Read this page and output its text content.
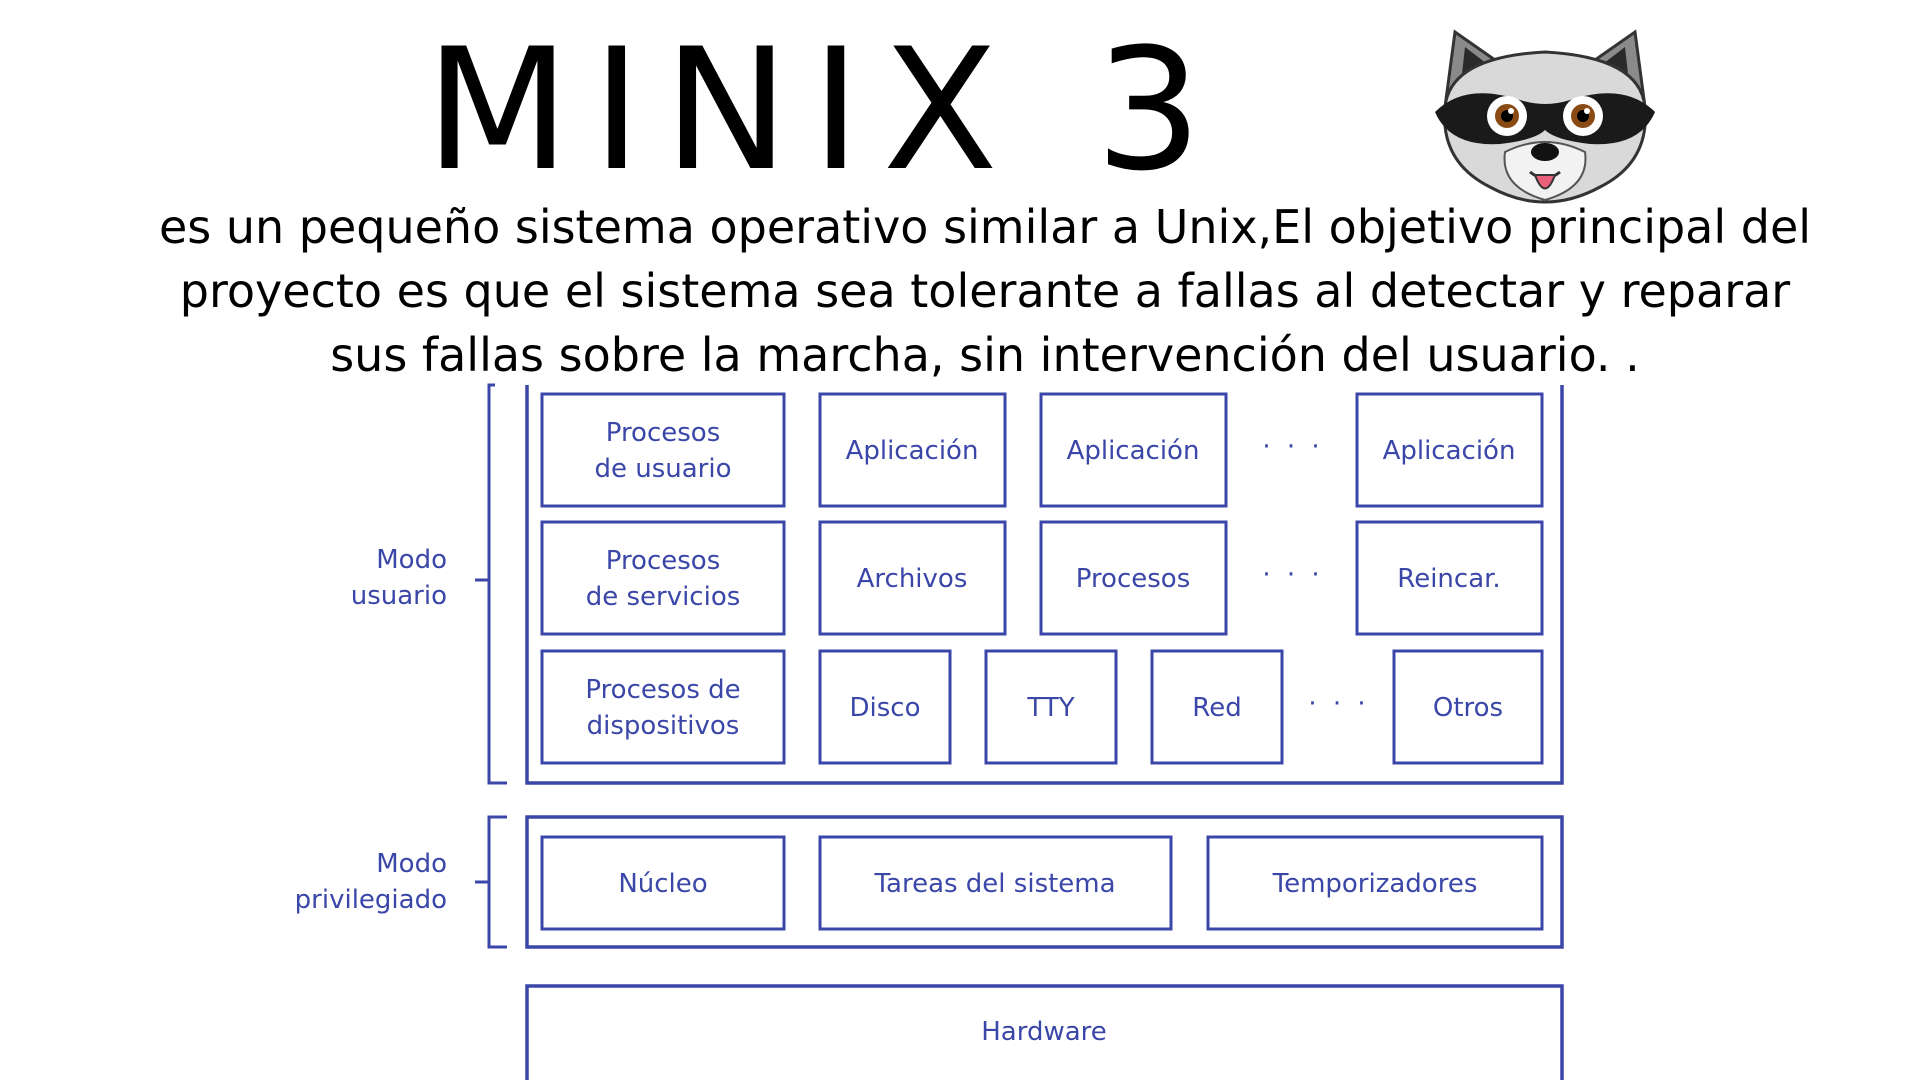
MINIX 3

es un pequeño sistema operativo similar a Unix,El objetivo principal del
proyecto es que el sistema sea tolerante a fallas al detectar y reparar
sus fallas sobre la marcha, sin intervención del usuario. .

Modo
usuario
Procesos
de usuario
Aplicación	Aplicación · · · Aplicación
Procesos
de servicios
Archivos	Procesos	· · ·	Reincar.
Procesos de
dispositivos
Disco	TTY	Red	· · · Otros
Modo
privilegiado
Núcleo	Tareas del sistema	Temporizadores
Hardware
